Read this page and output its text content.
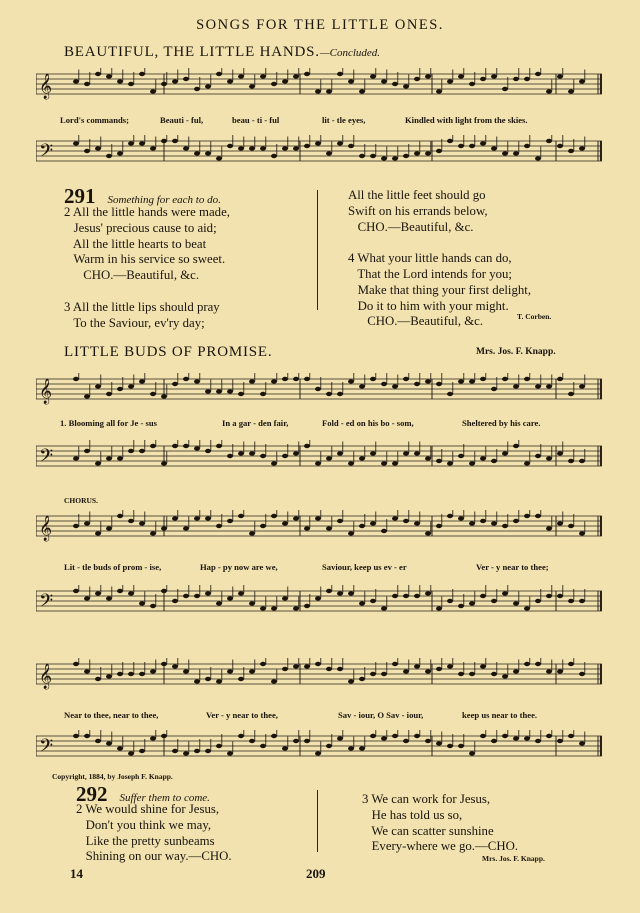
SONGS FOR THE LITTLE ONES.
BEAUTIFUL, THE LITTLE HANDS.—Concluded.
𝄞
Lord's commands;	Beauti - ful,	beau - ti - ful	lit - tle eyes,	Kindled with light from the skies.
𝄢
291 Something for each to do.
2 All the little hands were made,
Jesus' precious cause to aid;
All the little hearts to beat
Warm in his service so sweet.
CHO.—Beautiful, &c.

3 All the little lips should pray
To the Saviour, ev'ry day;
All the little feet should go
Swift on his errands below,
CHO.—Beautiful, &c.

4 What your little hands can do,
That the Lord intends for you;
Make that thing your first delight,
Do it to him with your might.
CHO.—Beautiful, &c.	T. Corben.
LITTLE BUDS OF PROMISE.	Mrs. Jos. F. Knapp.
𝄞
1. Blooming all for Je - sus	In a gar - den fair,	Fold - ed on his bo - som,	Sheltered by his care.
𝄢
CHORUS.
𝄞
Lit - tle buds of prom - ise,	Hap - py now are we,	Saviour, keep us ev - er	Ver - y near to thee;
𝄢
𝄞
Near to thee, near to thee,	Ver - y near to thee,	Sav - iour, O Sav - iour,	keep us near to thee.
𝄢
Copyright, 1884, by Joseph F. Knapp.
292 Suffer them to come.
2 We would shine for Jesus,
Don't you think we may,
Like the pretty sunbeams
Shining on our way.—CHO.
3 We can work for Jesus,
He has told us so,
We can scatter sunshine
Every-where we go.—CHO.
Mrs. Jos. F. Knapp.
14	209
